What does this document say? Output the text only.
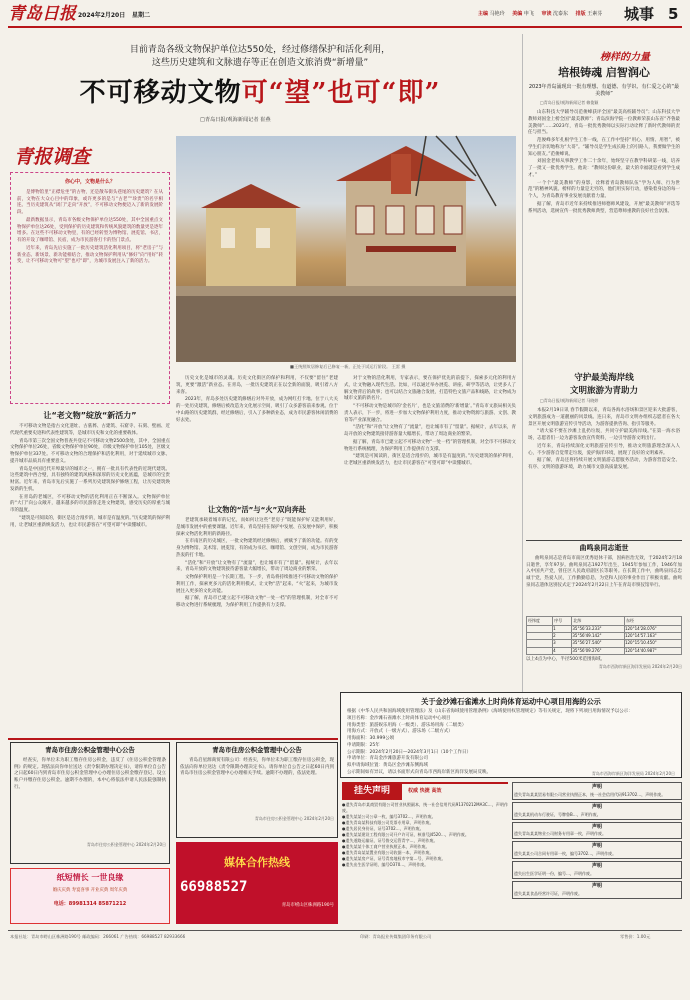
青岛日报 2024年2月20日 星期二	主编 马艳玲 美编 申飞 审读 沈泰东 排版 王素芬 城事 5
目前青岛各级文物保护单位达550处，经过修缮保护和活化利用，
这些历史建筑和文脉遗存等正在创造文旅消费“新增量”
不可移动文物可“望”也可“即”
□青岛日报/观海新闻记者 崔燕
青报调查
你心中，文物是什么？

是博物馆里“正襟危坐”的古物，还是散布街头巷尾的历史建筑？在从前，文物在大众心目中的印象，或许更多的是与“古老”“珍贵”的名字相连。当历史建筑从“闭门”走向“开放”，不可移动文物便迈入了新的发展阶段。

最新数据显示，青岛市各级文物保护单位达550处，其中全国重点文物保护单位达26处，受到保护的历史建筑和传统风貌建筑的数量更是逐年增多。在这些不可移动文物里，有的已经转型为博物馆、展览馆、书店，有的开设了咖啡馆、民宿，成为市民游客打卡的热门景点。

近年来，青岛先后实施了一批历史建筑活化利用项目，将“老房子”与新业态、新场景、新功能相结合，推动文物保护利用从“修好”向“用好”转变，让不可移动文物可“望”也可“即”，为城市发展注入了新的活力。

■王统照故居修复后已修复一新，正处于试运行阶段。 王雷 摄
让“老文物”绽放“新活力”

不可移动文物是指古文化遗址、古墓葬、古建筑、石窟寺、石刻、壁画、近代现代重要史迹和代表性建筑等，是城市历史和文化的重要载体。

青岛市第三次全国文物普查共登记不可移动文物2500余处，其中，全国重点文物保护单位26处，省级文物保护单位90处，市级文物保护单位105处，区级文物保护单位337处。不可移动文物的合理保护和活化利用，对于延续城市文脉、提升城市品质具有重要意义。

青岛是中国近代开埠最早的城市之一，拥有一批具有代表性的近现代建筑。这些建筑中西合璧，具有独特的建筑风格和深厚的历史文化底蕴，是城市的宝贵财富。近年来，青岛市先后实施了一系列历史建筑保护修缮工程，让历史建筑焕发新的生机。

在青岛的老城区，不可移动文物的活化利用正在不断深入。文物保护单位的“大门”向公众敞开，越来越多的市民游客走进文物建筑，感受历史的厚重与城市的温度。

“建筑是可阅读的，街区是适合漫步的，城市是有温度的。”历史建筑的保护利用，让老城区重新焕发活力，也让市民游客在“可望可即”中读懂城市。

历史文化是城市的灵魂。历史文化街区的保护和利用，不仅要“留住”老建筑，更要“激活”新业态。在青岛，一批历史建筑正在以全新的面貌，吸引着八方来客。

2023年，青岛多处历史建筑修缮后对外开放，成为网红打卡地。位于八大关的一处历史建筑，修缮后被改造为文化展示空间，吸引了众多游客前来参观。位于中山路的历史建筑群，经过修缮后，引入了多种新业态，成为市民游客休闲消费的好去处。

让文物的“活”与“火”双向奔赴

老建筑承载着城市的记忆，而如何让这些“老房子”既能保护好又能利用好，是城市发展中的重要课题。近年来，青岛坚持在保护中发展、在发展中保护，积极探索文物活化利用的新路径。

在市南区的历史城区，一批文物建筑经过修缮后，被赋予了新的功能。有的变身为博物馆、美术馆、展览馆，有的成为书店、咖啡馆、文创空间，成为市民游客热衷的打卡地。

“活化”和“开放”让文物有了“流量”，也让城市有了“留量”。据统计，去年以来，青岛开放的文物建筑接待游客量大幅增长，带动了周边商业的繁荣。

文物保护利用是一个长期工程。下一步，青岛将持续推进不可移动文物的保护利用工作，探索更多元的活化利用模式，让文物“活”起来、“火”起来，为城市发展注入更多的文化动能。

据了解，青岛市已建立起不可移动文物“一处一档”的管理机制，对全市不可移动文物进行系统梳理，为保护利用工作提供有力支撑。

对于文物的活化利用，专家表示，要在保护优先的前提下，探索多元化的利用方式，让文物融入现代生活。比如，可以通过举办展览、讲座、研学等活动，让更多人了解文物背后的故事；也可以结合文旅融合发展，打造特色文旅产品和线路，让文物成为城市文旅的新名片。

“不可移动文物是城市的‘金名片’，也是文旅消费的‘新增量’。”青岛市文旅局相关负责人表示，下一步，将进一步加大文物保护利用力度，推动文物资源与旅游、文创、教育等产业深度融合。

“活化”和“开放”让文物有了“流量”，也让城市有了“留量”。据统计，去年以来，青岛开放的文物建筑接待游客量大幅增长，带动了周边商业的繁荣。

据了解，青岛市已建立起不可移动文物“一处一档”的管理机制，对全市不可移动文物进行系统梳理，为保护利用工作提供有力支撑。

“建筑是可阅读的，街区是适合漫步的，城市是有温度的。”历史建筑的保护利用，让老城区重新焕发活力，也让市民游客在“可望可即”中读懂城市。

榜样的力量
培根铸魂 启智润心
2023年青岛涌现出一批有理想、有道德、有学识、有仁爱之心的“最美教师”
□青岛日报/观海新闻记者 赖俊颖

山东科技大学辅导员范俊峰获评全国“最美高校辅导员”；山东科技大学教师刘国金上榜全国“最美教师”；青岛滨海学院一位教师荣获山东省“齐鲁最美教师”……2023年，青岛一批优秀教师以实际行动诠释了新时代教师的责任与担当。

范俊峰多年扎根学生工作一线，在工作中坚持“用心、用情、用智”，被学生们亲切地称为“大哥”。“辅导员是学生成长路上的引路人，我要做学生的知心朋友。”范俊峰说。

刘国金老师从事教学工作二十余年，始终坚守在教学科研第一线，培养了一批又一批优秀学生。他说：“教师这份职业，最大的幸福就是看到学生成才。”

一个个“最美教师”的身影，诠释着青岛教师队伍“学为人师、行为世范”的精神风貌。榜样的力量是无穷的，他们用实际行动，感染着身边的每一个人，为青岛教育事业发展贡献着力量。

据了解，青岛市近年来持续推进师德师风建设，开展“最美教师”评选等系列活动，选树宣传一批优秀教师典型，营造尊师重教的良好社会氛围。

守护最美海岸线
文明旅游为青助力
□青岛日报/观海新闻记者 马晓婷

本报2月19日讯 春节假期以来，青岛各海水浴场和景区迎来大批游客，文明旅游成为一道靓丽的风景线。连日来，青岛市文明办组织志愿者在各大景区开展文明旅游宣传引导活动，为游客提供咨询、指引等服务。

“请大家不要在沙滩上乱扔垃圾，共同守护最美海岸线。”在第一海水浴场，志愿者们一边为游客发放宣传资料，一边引导游客文明出行。

近年来，青岛持续深化文明旅游宣传引导，推动文明旅游理念深入人心，不少游客自觉带走垃圾，爱护海洋环境，展现了良好的文明素养。

据了解，青岛还将持续开展文明旅游志愿服务活动，为游客营造安全、有序、文明的旅游环境，助力城市文旅高质量发展。

曲鸣泉同志逝世

曲鸣泉同志是青岛市南区优秀退休干部，因病医治无效，于2024年2月18日逝世，享年97岁。曲鸣泉同志1927年出生，1945年参加工作，1946年加入中国共产党，曾任区人民政府副区长等职务。在长期工作中，曲鸣泉同志忠诚于党，热爱人民，工作勤勤恳恳，为党和人民的事业作出了积极贡献。曲鸣泉同志遗体送别仪式定于2024年2月22日上午在青岛市殡仪馆举行。

经纬度	序号	北纬	东经
	1	35°56'33.233"	120°14'28.076"
	2	35°56'49.142"	120°14'57.163"
	3	35°56'27.540"	120°15'10.450"
	4	35°56'09.276"	120°14'40.987"
以上4点为中心，半径500米范围海域。
青岛市西海岸新区海洋发展局 2024年2月20日
关于金沙滩石雀滩水上时尚体育运动中心项目用海的公示
根据《中华人民共和国海域使用管理法》及《山东省海域使用管理条例》《海域使用权管理规定》等有关规定，现将下列项目用海情况予以公示：
项目名称：金沙滩石雀滩水上时尚体育运动中心项目
用海类型：旅游娱乐用海（一级类）、游乐场用海（二级类）
用海方式：开放式（一级方式）、游乐场（二级方式）
用海面积：30.999公顷
申请期限：25年
公示期限：2024年2月20日—2024年3月1日（10个工作日）
申请单位：青岛金沙滩旅游开发有限公司
拟申请海域位置：黄岛区金沙滩东侧海域
公示期间如有异议，请以书面形式向青岛市西海岸新区海洋发展局反映。	青岛市西海岸新区海洋发展局 2024年2月20日
青岛市住房公积金管理中心公告

经查实，你单位未为职工缴存住房公积金，违反了《住房公积金管理条例》的规定。现依法向你单位送达《责令限期办理决定书》，请你单位自公告之日起60日内到青岛市住房公积金管理中心办理住房公积金缴存登记、设立账户并缴存住房公积金。逾期不办理的，本中心将依法申请人民法院强制执行。

青岛市住房公积金管理中心 2024年2月20日
青岛市住房公积金管理中心公告

青岛启星源商贸有限公司：经查实，你单位未为职工缴存住房公积金，现依法向你单位送达《责令限期办理决定书》。请你单位自公告之日起60日内到青岛市住房公积金管理中心办理相关手续。逾期不办理的，依法处理。

青岛市住房公积金管理中心 2024年2月20日
纸短情长 一世良缘
婚庆庆典 寿宴喜事 开业庆典 周年庆典
电话：89981314 85871212
媒体合作热线
66988527
青岛市崂山区株洲路190号
挂失声明	权威 快捷 高效
●遗失青岛市某商贸有限公司营业执照副本，统一社会信用代码91370212MA3C…，声明作废。
●遗失某某公司公章一枚，编号3702…，声明作废。
●遗失青岛某科技有限公司发票专用章，声明作废。
●遗失居民身份证，证号3702…，声明作废。
●遗失某某建设工程有限公司开户许可证，核准号J4520…，声明作废。
●遗失道路运输证，证号鲁交运管青字…，声明作废。
●遗失某某个体工商户营业执照正本，声明作废。
●遗失青岛某某置业有限公司收据一本，声明作废。
●遗失某某房产证，证号青房地权市字第…号，声明作废。
●遗失出生医学证明，编号O370…，声明作废。
声明
遗失青岛某某贸易有限公司营业执照正本，统一社会信用代码913702…，声明作废。
声明
遗失某某机动车行驶证，号牌鲁B…，声明作废。
声明
遗失青岛某某物业公司财务专用章一枚，声明作废。
声明
遗失某某公司合同专用章一枚，编号3702…，声明作废。
声明
遗失出生医学证明一份，编号…，声明作废。
声明
遗失某某食品经营许可证，声明作废。
本报社址：青岛市崂山区株洲路190号 邮政编码：266061 广告热线：66988527 82933666	印刷：青岛报业传媒集团印务有限公司	零售价：1.00元
